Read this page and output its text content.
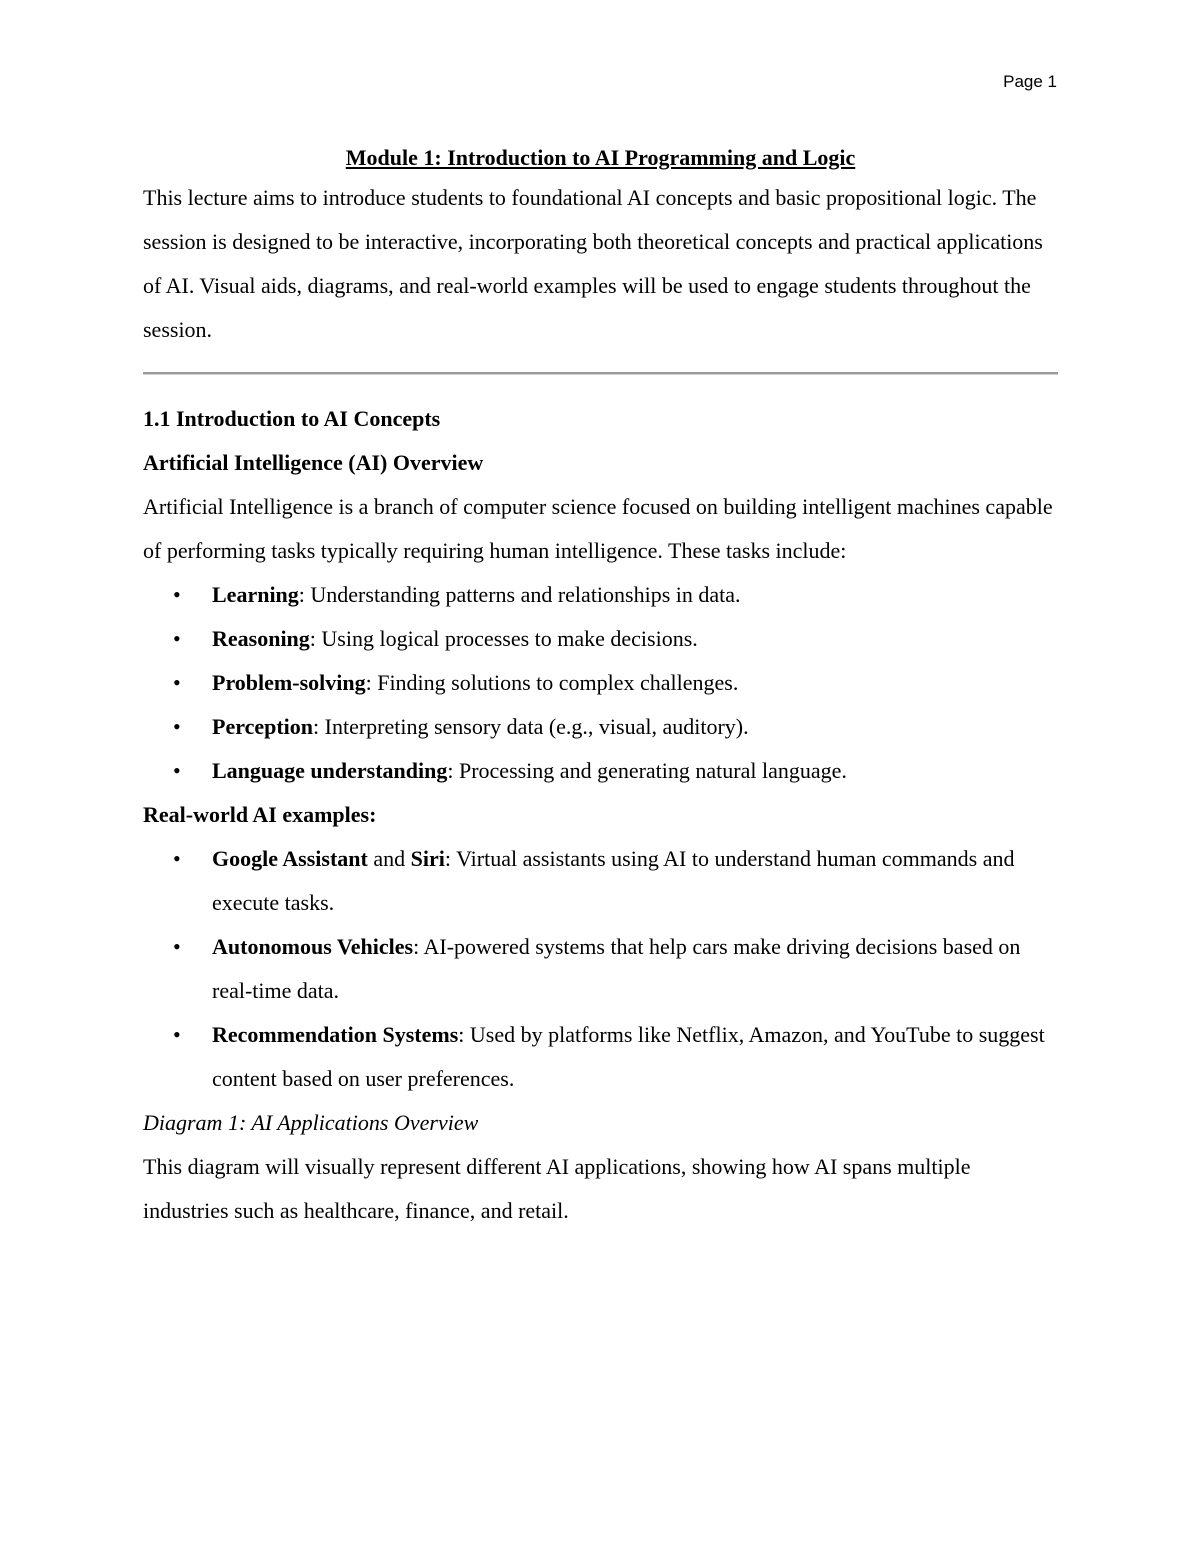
Page 1

Module 1: Introduction to AI Programming and Logic

This lecture aims to introduce students to foundational AI concepts and basic propositional logic. The session is designed to be interactive, incorporating both theoretical concepts and practical applications of AI. Visual aids, diagrams, and real-world examples will be used to engage students throughout the session.

1.1 Introduction to AI Concepts

Artificial Intelligence (AI) Overview

Artificial Intelligence is a branch of computer science focused on building intelligent machines capable of performing tasks typically requiring human intelligence. These tasks include:

• Learning: Understanding patterns and relationships in data.
• Reasoning: Using logical processes to make decisions.
• Problem-solving: Finding solutions to complex challenges.
• Perception: Interpreting sensory data (e.g., visual, auditory).
• Language understanding: Processing and generating natural language.

Real-world AI examples:

• Google Assistant and Siri: Virtual assistants using AI to understand human commands and execute tasks.
• Autonomous Vehicles: AI-powered systems that help cars make driving decisions based on real-time data.
• Recommendation Systems: Used by platforms like Netflix, Amazon, and YouTube to suggest content based on user preferences.

Diagram 1: AI Applications Overview

This diagram will visually represent different AI applications, showing how AI spans multiple industries such as healthcare, finance, and retail.
